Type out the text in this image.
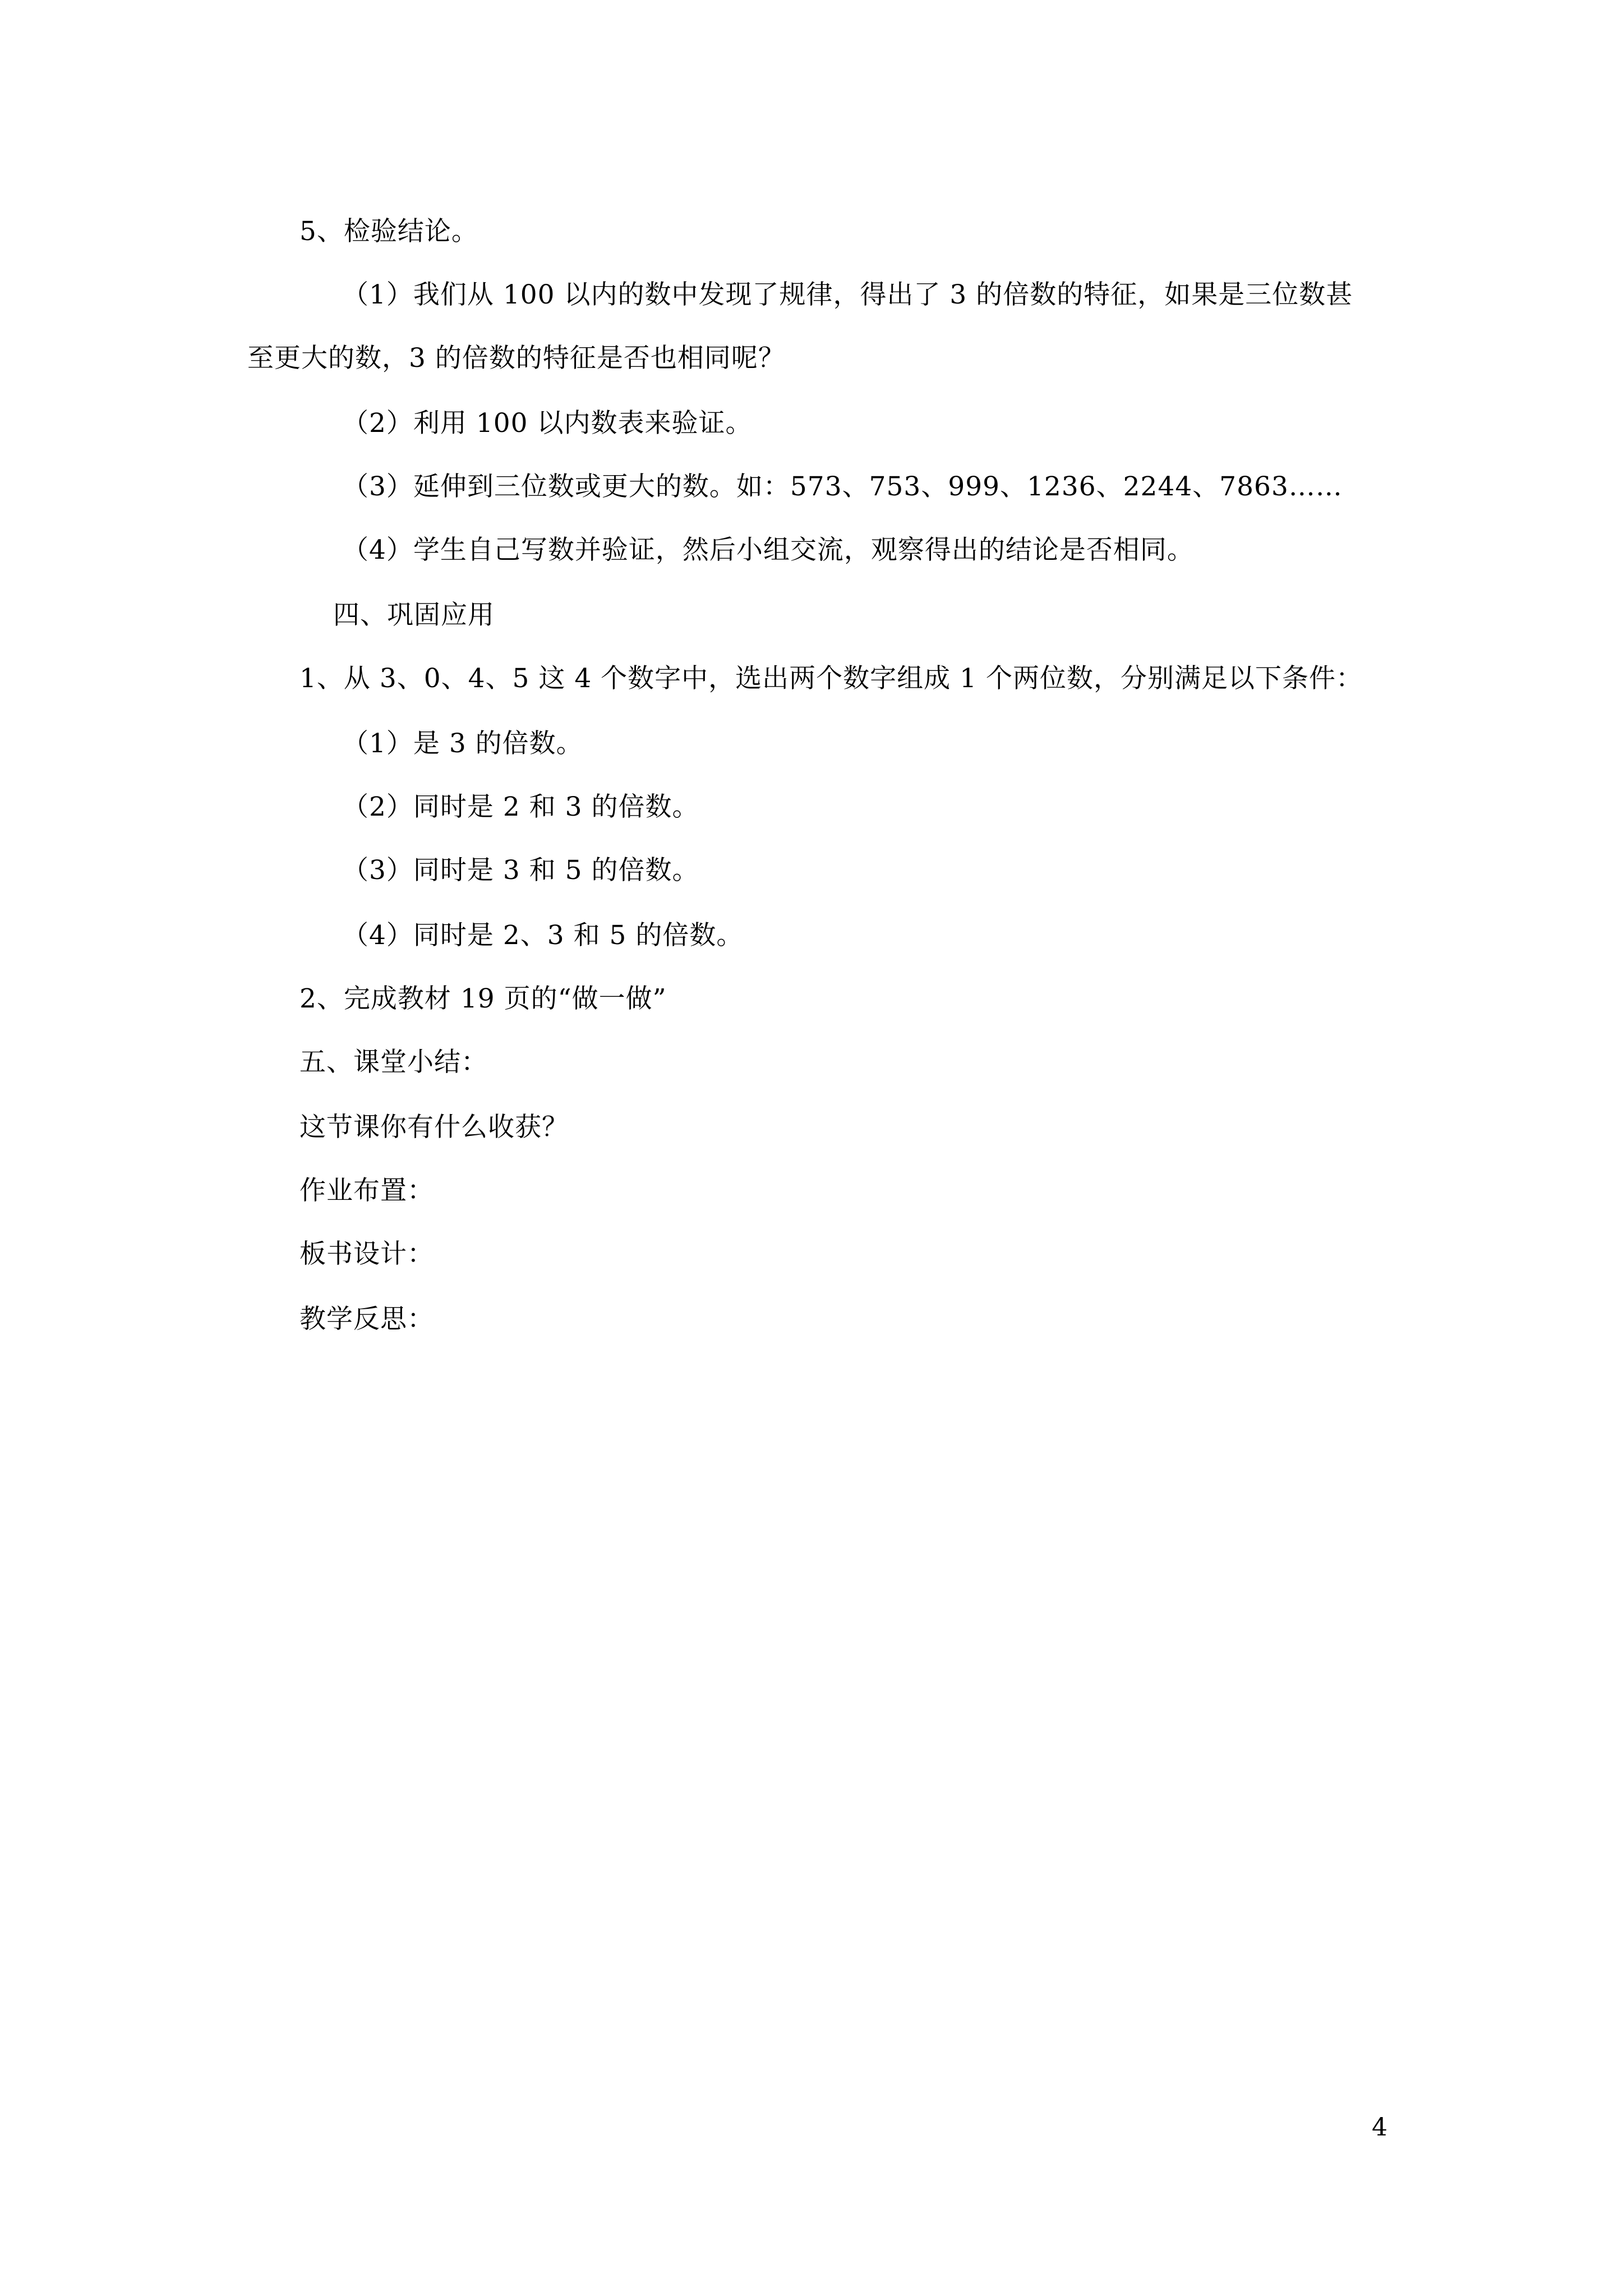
5、检验结论。
（1）我们从 100 以内的数中发现了规律，得出了 3 的倍数的特征，如果是三位数甚
至更大的数，3 的倍数的特征是否也相同呢？
（2）利用 100 以内数表来验证。
（3）延伸到三位数或更大的数。如：573、753、999、1236、2244、7863……
（4）学生自己写数并验证，然后小组交流，观察得出的结论是否相同。
四、巩固应用
1、从 3、0、4、5 这 4 个数字中，选出两个数字组成 1 个两位数，分别满足以下条件：
（1）是 3 的倍数。
（2）同时是 2 和 3 的倍数。
（3）同时是 3 和 5 的倍数。
（4）同时是 2、3 和 5 的倍数。
2、完成教材 19 页的“做一做”
五、课堂小结：
这节课你有什么收获？
作业布置：
板书设计：
教学反思：
4
